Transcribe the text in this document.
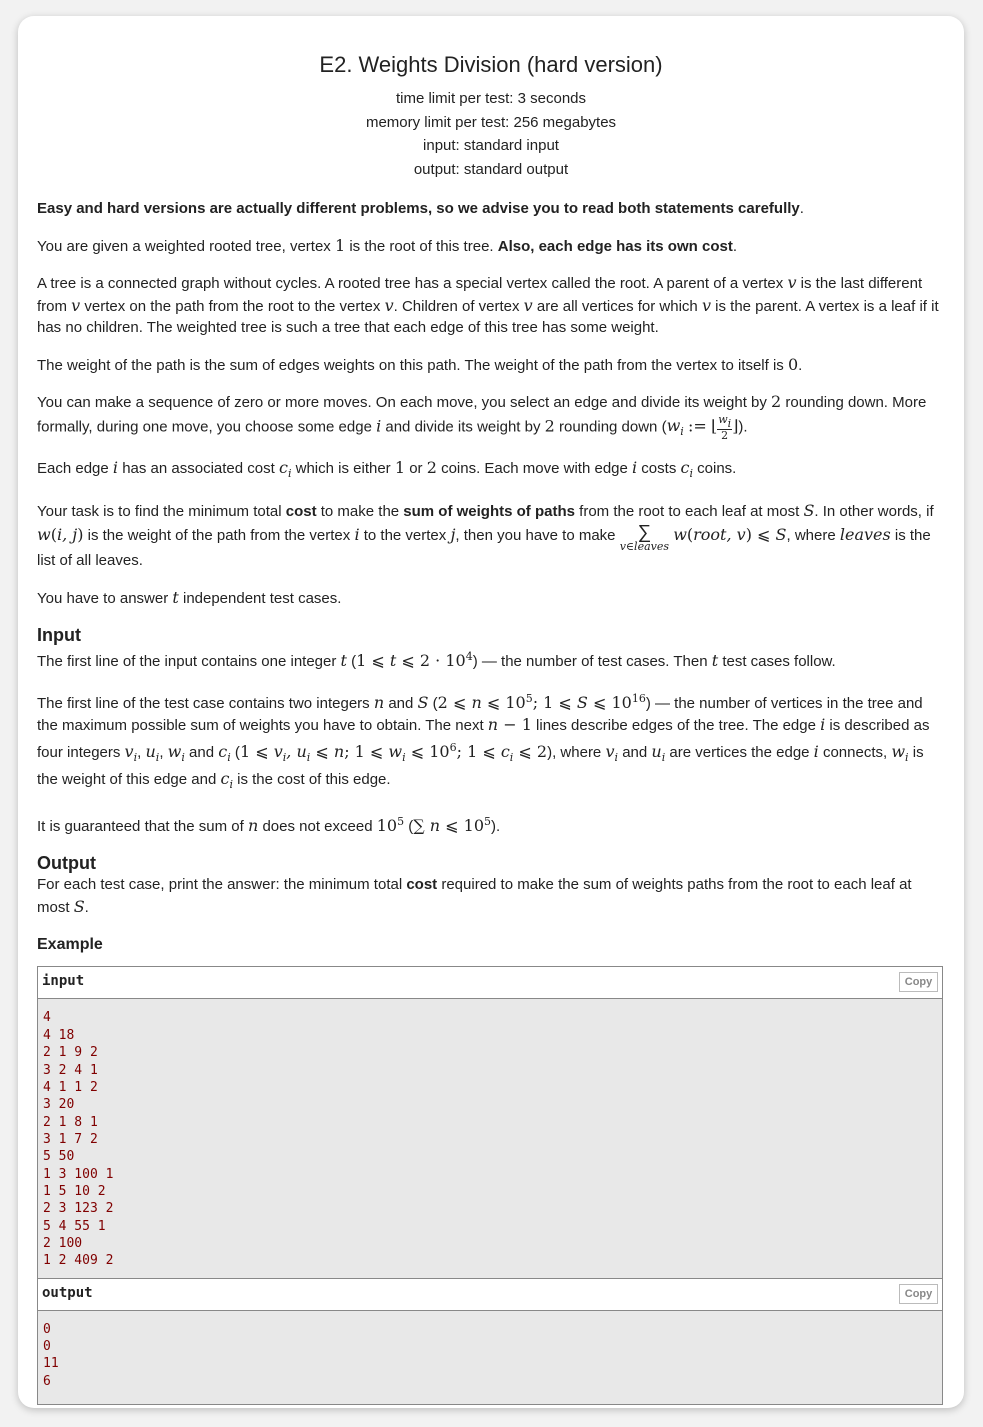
E2. Weights Division (hard version)
time limit per test: 3 seconds
memory limit per test: 256 megabytes
input: standard input
output: standard output

Easy and hard versions are actually different problems, so we advise you to read both statements carefully.

You are given a weighted rooted tree, vertex 1 is the root of this tree. Also, each edge has its own cost.

A tree is a connected graph without cycles. A rooted tree has a special vertex called the root. A parent of a vertex v is the last different from v vertex on the path from the root to the vertex v. Children of vertex v are all vertices for which v is the parent. A vertex is a leaf if it has no children. The weighted tree is such a tree that each edge of this tree has some weight.

The weight of the path is the sum of edges weights on this path. The weight of the path from the vertex to itself is 0.

You can make a sequence of zero or more moves. On each move, you select an edge and divide its weight by 2 rounding down. More formally, during one move, you choose some edge i and divide its weight by 2 rounding down ($w_i$ := ⌊ $\frac{w_i}{2}$ ⌋).

Each edge i has an associated cost $c_i$ which is either 1 or 2 coins. Each move with edge i costs $c_i$ coins.

Your task is to find the minimum total cost to make the sum of weights of paths from the root to each leaf at most S. In other words, if w(i, j) is the weight of the path from the vertex i to the vertex j, then you have to make ∑
v∈leaves
w(root, v) ⩽ S, where leaves is the list of all leaves.

You have to answer t independent test cases.

Input

The first line of the input contains one integer t (1 ⩽ t ⩽ $2 \cdot 10^4$) — the number of test cases. Then t test cases follow.

The first line of the test case contains two integers n and S (2 ⩽ n ⩽ $10^5$; 1 ⩽ S ⩽ $10^{16}$) — the number of vertices in the tree and the maximum possible sum of weights you have to obtain. The next n − 1 lines describe edges of the tree. The edge i is described as four integers $v_i$, $u_i$, $w_i$ and $c_i$ (1 ⩽ $v_i$, $u_i$ ⩽ n; 1 ⩽ $w_i$ ⩽ $10^6$; 1 ⩽ $c_i$ ⩽ 2), where $v_i$ and $u_i$ are vertices the edge i connects, $w_i$ is the weight of this edge and $c_i$ is the cost of this edge.

It is guaranteed that the sum of n does not exceed $10^5$ (∑ n ⩽ $10^5$).

Output

For each test case, print the answer: the minimum total cost required to make the sum of weights paths from the root to each leaf at most S.

Example
input	Copy
4
4 18
2 1 9 2
3 2 4 1
4 1 1 2
3 20
2 1 8 1
3 1 7 2
5 50
1 3 100 1
1 5 10 2
2 3 123 2
5 4 55 1
2 100
1 2 409 2
output	Copy
0
0
11
6
